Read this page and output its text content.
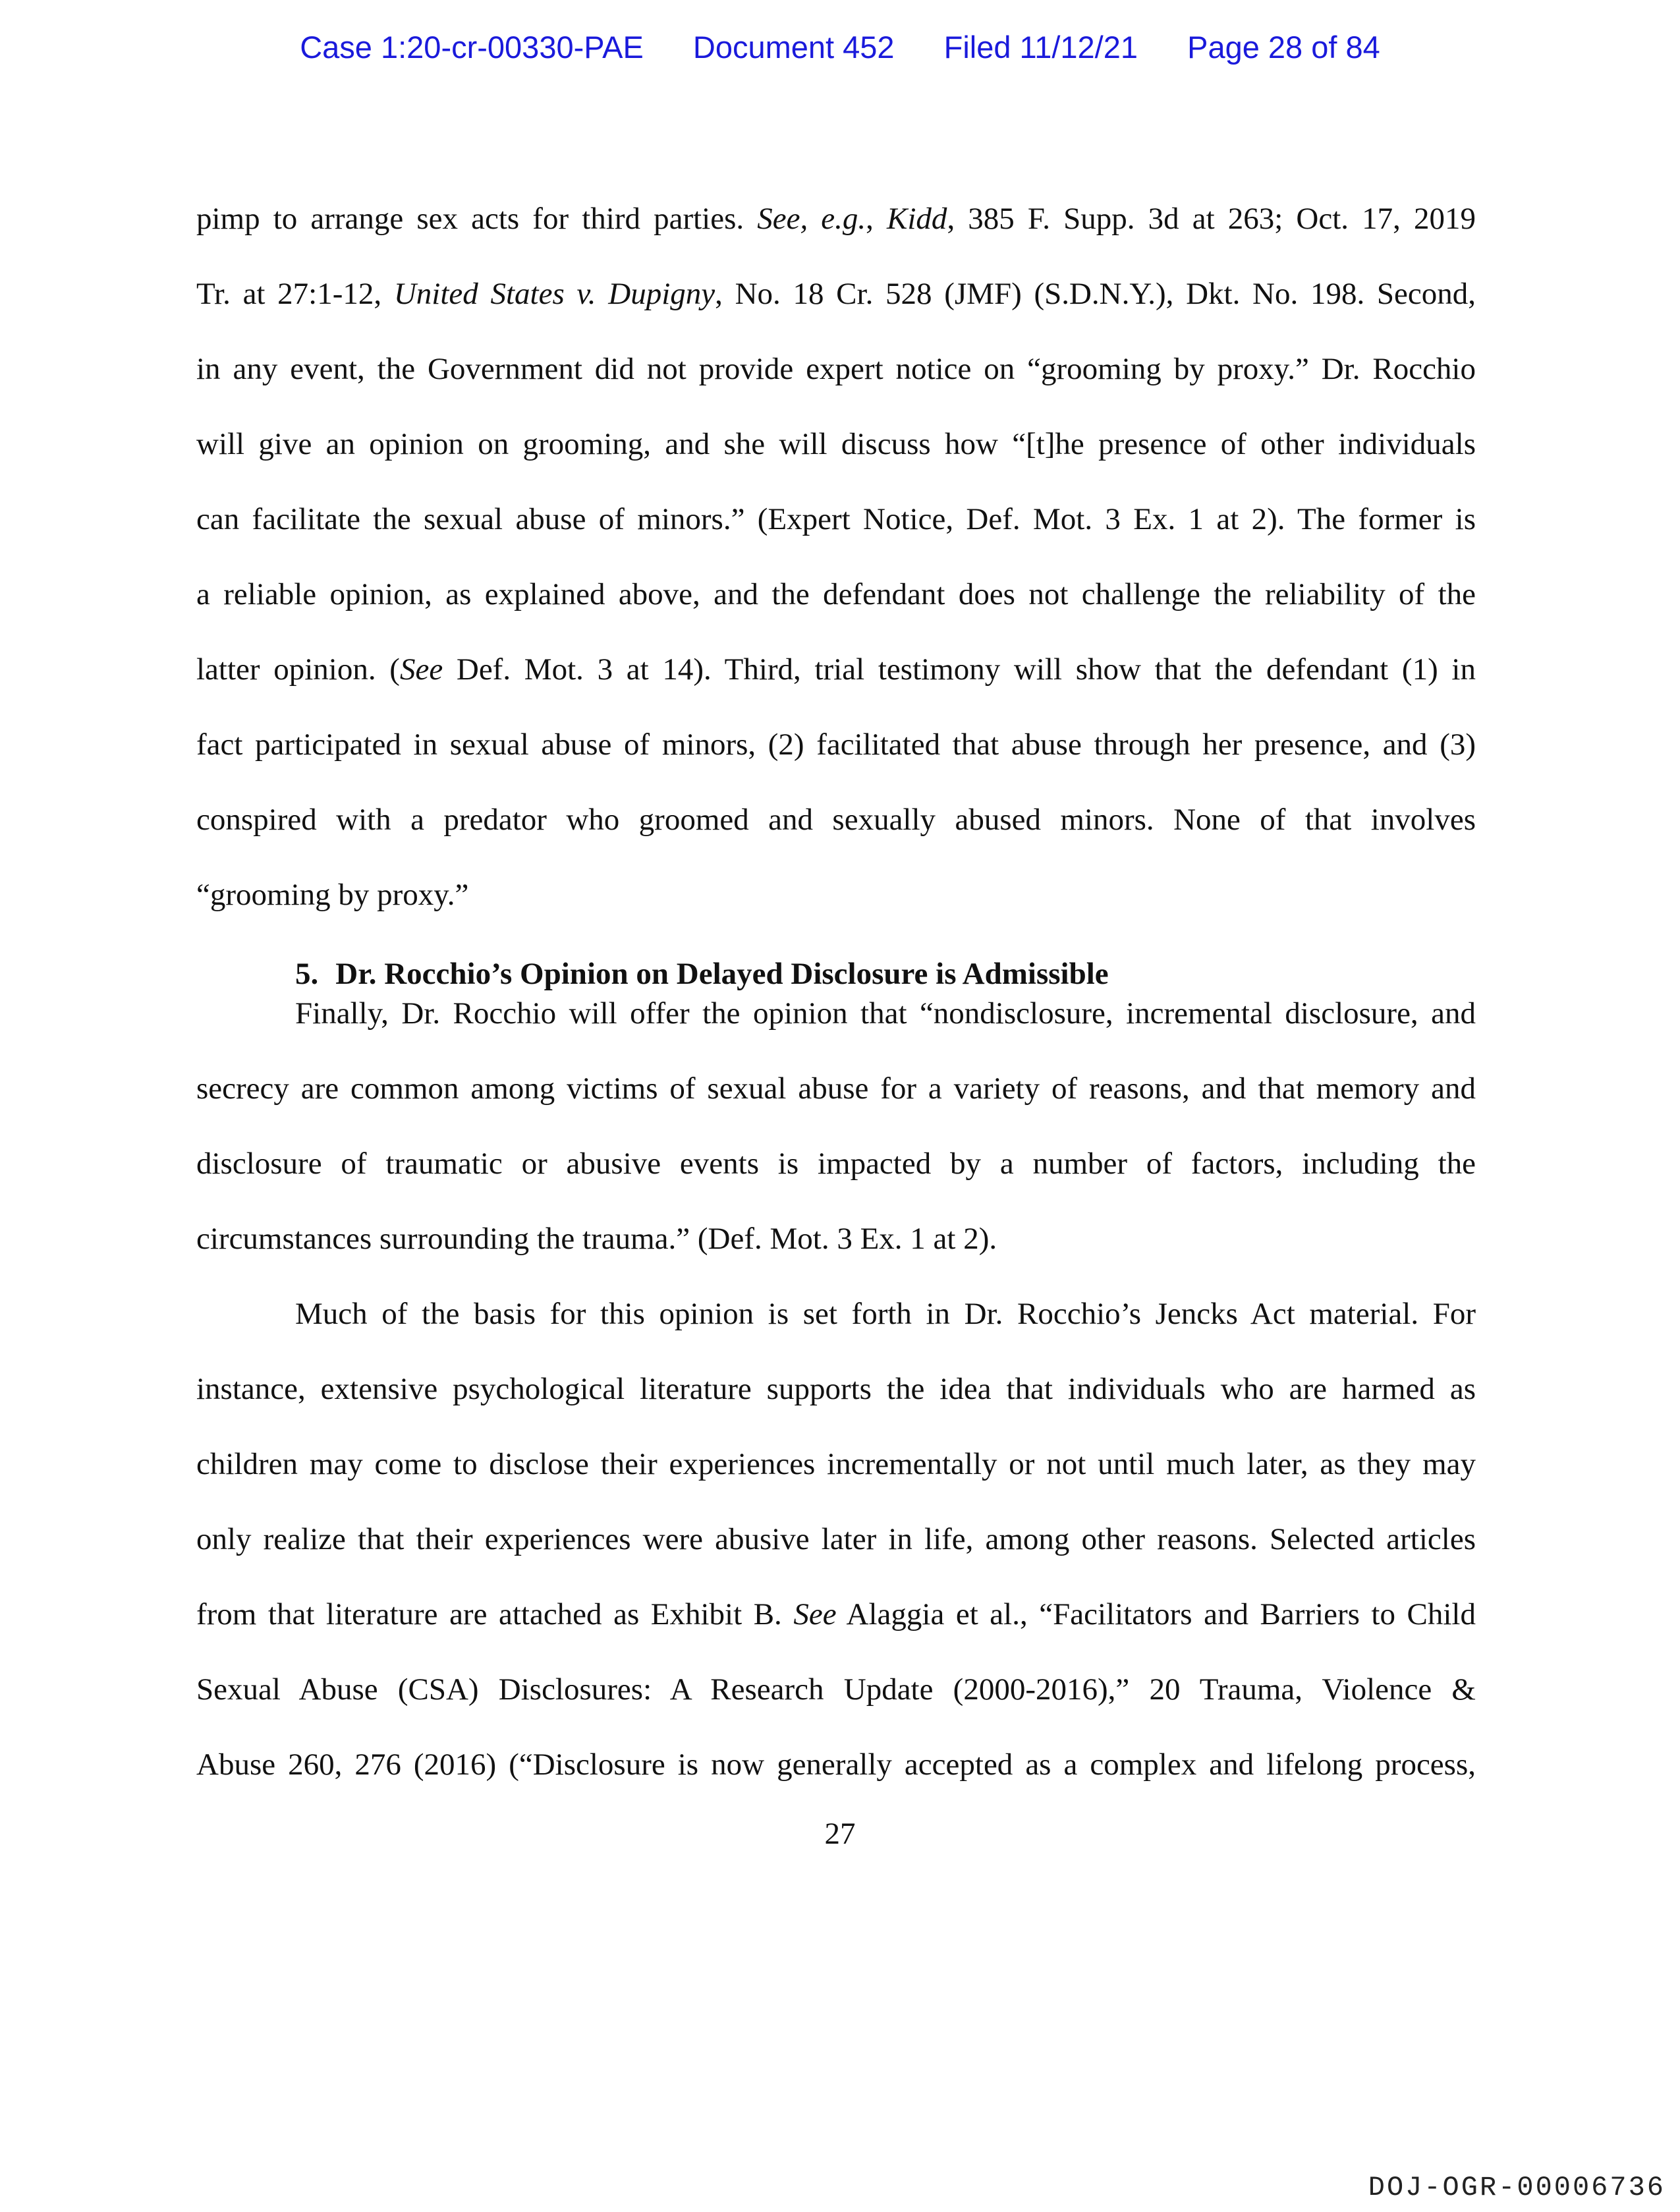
Case 1:20-cr-00330-PAE Document 452 Filed 11/12/21 Page 28 of 84
pimp to arrange sex acts for third parties. See, e.g., Kidd, 385 F. Supp. 3d at 263; Oct. 17, 2019
Tr. at 27:1-12, United States v. Dupigny, No. 18 Cr. 528 (JMF) (S.D.N.Y.), Dkt. No. 198. Second,
in any event, the Government did not provide expert notice on “grooming by proxy.” Dr. Rocchio
will give an opinion on grooming, and she will discuss how “[t]he presence of other individuals
can facilitate the sexual abuse of minors.” (Expert Notice, Def. Mot. 3 Ex. 1 at 2). The former is
a reliable opinion, as explained above, and the defendant does not challenge the reliability of the
latter opinion. (See Def. Mot. 3 at 14). Third, trial testimony will show that the defendant (1) in
fact participated in sexual abuse of minors, (2) facilitated that abuse through her presence, and (3)
conspired with a predator who groomed and sexually abused minors. None of that involves
“grooming by proxy.”
5. Dr. Rocchio’s Opinion on Delayed Disclosure is Admissible
Finally, Dr. Rocchio will offer the opinion that “nondisclosure, incremental disclosure, and
secrecy are common among victims of sexual abuse for a variety of reasons, and that memory and
disclosure of traumatic or abusive events is impacted by a number of factors, including the
circumstances surrounding the trauma.” (Def. Mot. 3 Ex. 1 at 2).
Much of the basis for this opinion is set forth in Dr. Rocchio’s Jencks Act material. For
instance, extensive psychological literature supports the idea that individuals who are harmed as
children may come to disclose their experiences incrementally or not until much later, as they may
only realize that their experiences were abusive later in life, among other reasons. Selected articles
from that literature are attached as Exhibit B. See Alaggia et al., “Facilitators and Barriers to Child
Sexual Abuse (CSA) Disclosures: A Research Update (2000-2016),” 20 Trauma, Violence &
Abuse 260, 276 (2016) (“Disclosure is now generally accepted as a complex and lifelong process,
27
DOJ-OGR-00006736
